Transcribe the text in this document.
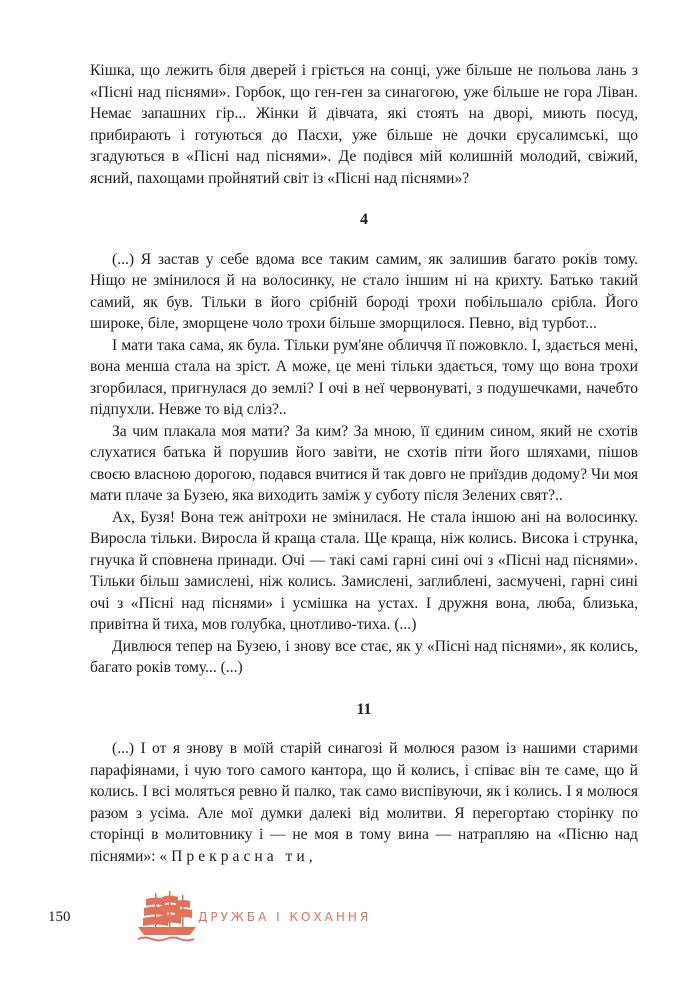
Кішка, що лежить біля дверей і гріється на сонці, уже більше не польова лань з «Пісні над піснями». Горбок, що ген-ген за синагогою, уже більше не гора Ліван. Немає запашних гір... Жінки й дівчата, які стоять на дворі, миють посуд, прибирають і готуються до Пасхи, уже більше не дочки єрусалимські, що згадуються в «Пісні над піснями». Де подівся мій колишній молодий, свіжий, ясний, пахощами пройнятий світ із «Пісні над піснями»?

4

(...) Я застав у себе вдома все таким самим, як залишив багато років тому. Ніщо не змінилося й на волосинку, не стало іншим ні на крихту. Батько такий самий, як був. Тільки в його срібній бороді трохи побільшало срібла. Його широке, біле, зморщене чоло трохи більше зморщилося. Певно, від турбот...

І мати така сама, як була. Тільки рум'яне обличчя її пожовкло. І, здається мені, вона менша стала на зріст. А може, це мені тільки здається, тому що вона трохи згорбилася, пригнулася до землі? І очі в неї червонуваті, з подушечками, начебто підпухли. Невже то від сліз?..

За чим плакала моя мати? За ким? За мною, її єдиним сином, який не схотів слухатися батька й порушив його завіти, не схотів піти його шляхами, пішов своєю власною дорогою, подався вчитися й так довго не приїздив додому? Чи моя мати плаче за Бузею, яка виходить заміж у суботу після Зелених свят?..

Ах, Бузя! Вона теж анітрохи не змінилася. Не стала іншою ані на волосинку. Виросла тільки. Виросла й краща стала. Ще краща, ніж колись. Висока і струнка, гнучка й сповнена принади. Очі — такі самі гарні сині очі з «Пісні над піснями». Тільки більш замислені, ніж колись. Замислені, заглиблені, засмучені, гарні сині очі з «Пісні над піснями» і усмішка на устах. І дружня вона, люба, близька, привітна й тиха, мов голубка, цнотливо-тиха. (...)

Дивлюся тепер на Бузею, і знову все стає, як у «Пісні над піснями», як колись, багато років тому... (...)

11

(...) І от я знову в моїй старій синагозі й молюся разом із нашими старими парафіянами, і чую того самого кантора, що й колись, і співає він те саме, що й колись. І всі моляться ревно й палко, так само виспівуючи, як і колись. І я молюся разом з усіма. Але мої думки далекі від молитви. Я перегортаю сторінку по сторінці в молитовнику і — не моя в тому вина — натрапляю на «Пісню над піснями»: «Прекрасна ти,

150	ДРУЖБА І КОХАННЯ
